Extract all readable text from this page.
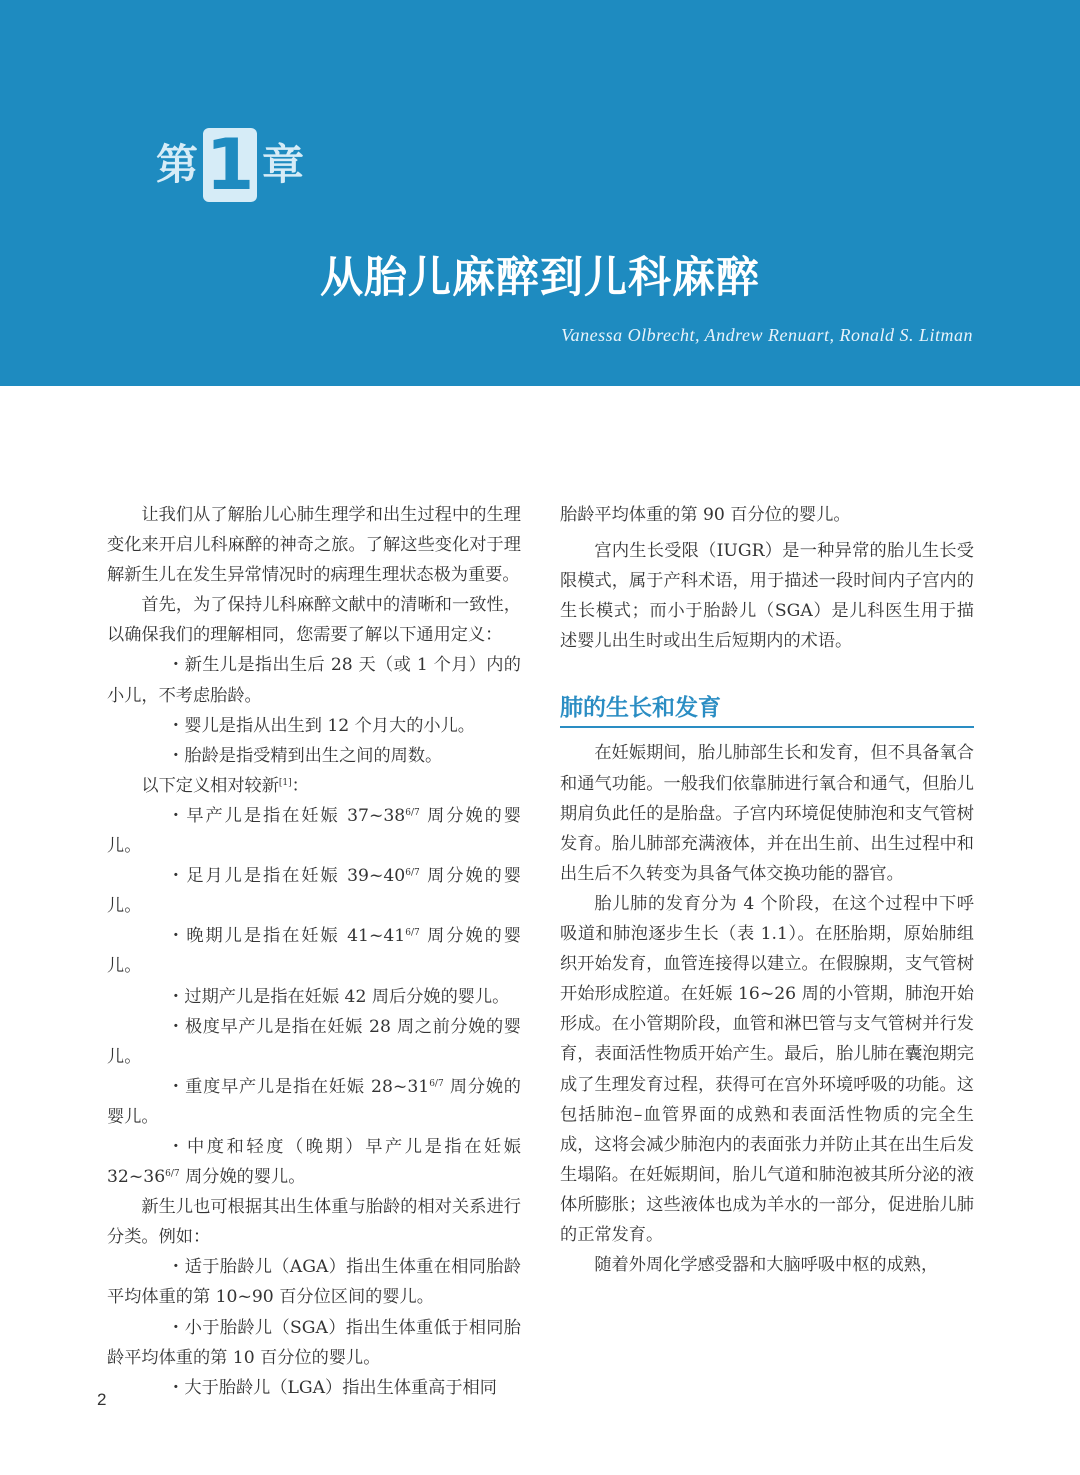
第 1 章
从胎儿麻醉到儿科麻醉
Vanessa Olbrecht, Andrew Renuart, Ronald S. Litman

让我们从了解胎儿心肺生理学和出生过程中的生理变化来开启儿科麻醉的神奇之旅。了解这些变化对于理解新生儿在发生异常情况时的病理生理状态极为重要。

首先，为了保持儿科麻醉文献中的清晰和一致性，以确保我们的理解相同，您需要了解以下通用定义：

・新生儿是指出生后 28 天（或 1 个月）内的小儿，不考虑胎龄。

・婴儿是指从出生到 12 个月大的小儿。

・胎龄是指受精到出生之间的周数。

以下定义相对较新[1]：

・早产儿是指在妊娠 $37\sim 38^{6/7}$ 周分娩的婴儿。

・足月儿是指在妊娠 $39\sim 40^{6/7}$ 周分娩的婴儿。

・晚期儿是指在妊娠 $41\sim 41^{6/7}$ 周分娩的婴儿。

・过期产儿是指在妊娠 42 周后分娩的婴儿。

・极度早产儿是指在妊娠 28 周之前分娩的婴儿。

・重度早产儿是指在妊娠 $28\sim 31^{6/7}$ 周分娩的婴儿。

・中度和轻度（晚期）早产儿是指在妊娠 $32\sim 36^{6/7}$ 周分娩的婴儿。

新生儿也可根据其出生体重与胎龄的相对关系进行分类。例如：

・适于胎龄儿（AGA）指出生体重在相同胎龄平均体重的第 10~90 百分位区间的婴儿。

・小于胎龄儿（SGA）指出生体重低于相同胎龄平均体重的第 10 百分位的婴儿。

・大于胎龄儿（LGA）指出生体重高于相同

胎龄平均体重的第 90 百分位的婴儿。

宫内生长受限（IUGR）是一种异常的胎儿生长受限模式，属于产科术语，用于描述一段时间内子宫内的生长模式；而小于胎龄儿（SGA）是儿科医生用于描述婴儿出生时或出生后短期内的术语。

肺的生长和发育

在妊娠期间，胎儿肺部生长和发育，但不具备氧合和通气功能。一般我们依靠肺进行氧合和通气，但胎儿期肩负此任的是胎盘。子宫内环境促使肺泡和支气管树发育。胎儿肺部充满液体，并在出生前、出生过程中和出生后不久转变为具备气体交换功能的器官。

胎儿肺的发育分为 4 个阶段，在这个过程中下呼吸道和肺泡逐步生长（表 1.1）。在胚胎期，原始肺组织开始发育，血管连接得以建立。在假腺期，支气管树开始形成腔道。在妊娠 16~26 周的小管期，肺泡开始形成。在小管期阶段，血管和淋巴管与支气管树并行发育，表面活性物质开始产生。最后，胎儿肺在囊泡期完成了生理发育过程，获得可在宫外环境呼吸的功能。这包括肺泡–血管界面的成熟和表面活性物质的完全生成，这将会减少肺泡内的表面张力并防止其在出生后发生塌陷。在妊娠期间，胎儿气道和肺泡被其所分泌的液体所膨胀；这些液体也成为羊水的一部分，促进胎儿肺的正常发育。

随着外周化学感受器和大脑呼吸中枢的成熟，

2
